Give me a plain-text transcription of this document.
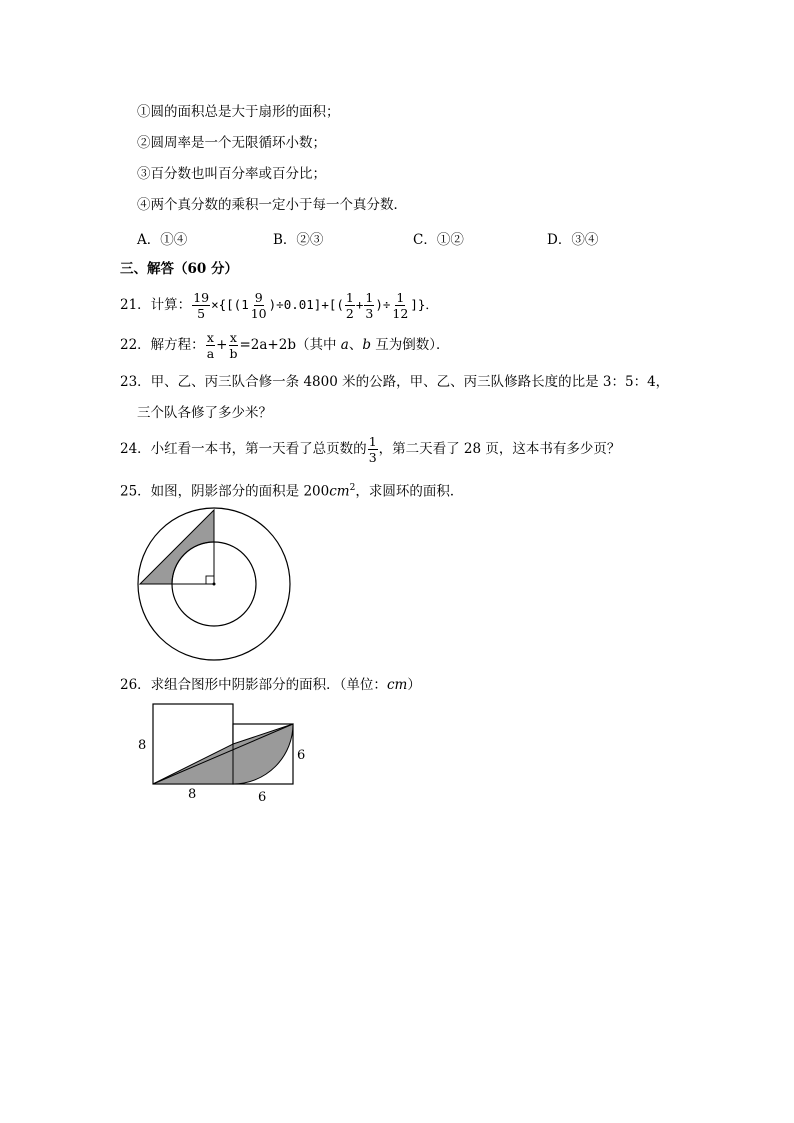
①圆的面积总是大于扇形的面积；
②圆周率是一个无限循环小数；
③百分数也叫百分率或百分比；
④两个真分数的乘积一定小于每一个真分数．
A．①④	B．②③	C．①②	D．③④
三、解答（60 分）
21．计算： $\frac{19}{5} \times\{[(1 \frac{9}{10} )\div 0.01]+[( \frac{1}{2} + \frac{1}{3}$ )÷ $\frac{1}{12}$ ]}．
22．解方程： $\frac{x}{a} + \frac{x}{b} =2a+2b$（其中 a、b 互为倒数）．
23．甲、乙、丙三队合修一条 4800 米的公路，甲、乙、丙三队修路长度的比是 3：5：4，
三个队各修了多少米？
24．小红看一本书，第一天看了总页数的 $\frac{1}{3}$ ，第二天看了 28 页，这本书有多少页？
25．如图，阴影部分的面积是 $200cm^2$，求圆环的面积．
26．求组合图形中阴影部分的面积．（单位：cm）
8
6
8	6
